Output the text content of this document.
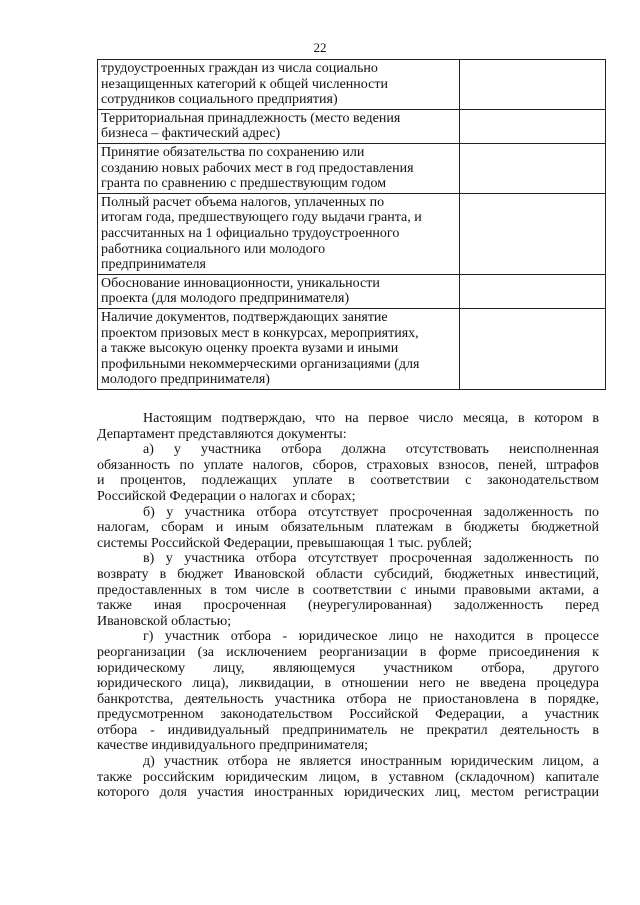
22
трудоустроенных граждан из числа социально
незащищенных категорий к общей численности
сотрудников социального предприятия)	

Территориальная принадлежность (место ведения
бизнеса – фактический адрес)	

Принятие обязательства по сохранению или
созданию новых рабочих мест в год предоставления
гранта по сравнению с предшествующим годом	

Полный расчет объема налогов, уплаченных по
итогам года, предшествующего году выдачи гранта, и
рассчитанных на 1 официально трудоустроенного
работника социального или молодого
предпринимателя	

Обоснование инновационности, уникальности
проекта (для молодого предпринимателя)	

Наличие документов, подтверждающих занятие
проектом призовых мест в конкурсах, мероприятиях,
а также высокую оценку проекта вузами и иными
профильными некоммерческими организациями (для
молодого предпринимателя)	

Настоящим подтверждаю, что на первое число месяца, в котором в
Департамент представляются документы:

а) у участника отбора должна отсутствовать неисполненная
обязанность по уплате налогов, сборов, страховых взносов, пеней, штрафов
и процентов, подлежащих уплате в соответствии с законодательством
Российской Федерации о налогах и сборах;

б) у участника отбора отсутствует просроченная задолженность по
налогам, сборам и иным обязательным платежам в бюджеты бюджетной
системы Российской Федерации, превышающая 1 тыс. рублей;

в) у участника отбора отсутствует просроченная задолженность по
возврату в бюджет Ивановской области субсидий, бюджетных инвестиций,
предоставленных в том числе в соответствии с иными правовыми актами, а
также иная просроченная (неурегулированная) задолженность перед
Ивановской областью;

г) участник отбора - юридическое лицо не находится в процессе
реорганизации (за исключением реорганизации в форме присоединения к
юридическому лицу, являющемуся участником отбора, другого
юридического лица), ликвидации, в отношении него не введена процедура
банкротства, деятельность участника отбора не приостановлена в порядке,
предусмотренном законодательством Российской Федерации, а участник
отбора - индивидуальный предприниматель не прекратил деятельность в
качестве индивидуального предпринимателя;

д) участник отбора не является иностранным юридическим лицом, а
также российским юридическим лицом, в уставном (складочном) капитале
которого доля участия иностранных юридических лиц, местом регистрации
